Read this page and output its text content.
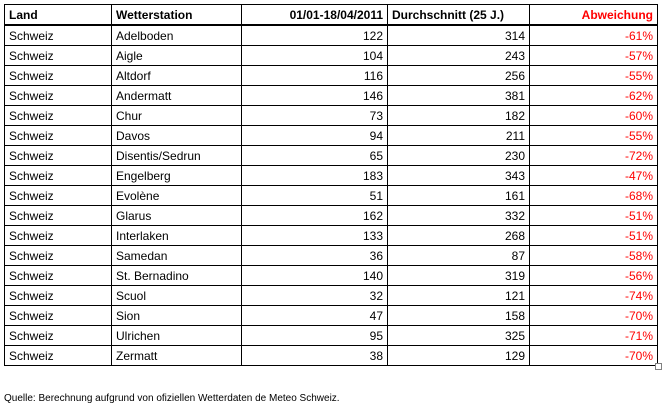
Land	Wetterstation	01/01-18/04/2011	Durchschnitt (25 J.)	Abweichung
Schweiz	Adelboden	122	314	-61%
Schweiz	Aigle	104	243	-57%
Schweiz	Altdorf	116	256	-55%
Schweiz	Andermatt	146	381	-62%
Schweiz	Chur	73	182	-60%
Schweiz	Davos	94	211	-55%
Schweiz	Disentis/Sedrun	65	230	-72%
Schweiz	Engelberg	183	343	-47%
Schweiz	Evolène	51	161	-68%
Schweiz	Glarus	162	332	-51%
Schweiz	Interlaken	133	268	-51%
Schweiz	Samedan	36	87	-58%
Schweiz	St. Bernadino	140	319	-56%
Schweiz	Scuol	32	121	-74%
Schweiz	Sion	47	158	-70%
Schweiz	Ulrichen	95	325	-71%
Schweiz	Zermatt	38	129	-70%
Quelle: Berechnung aufgrund von ofiziellen Wetterdaten de Meteo Schweiz.
